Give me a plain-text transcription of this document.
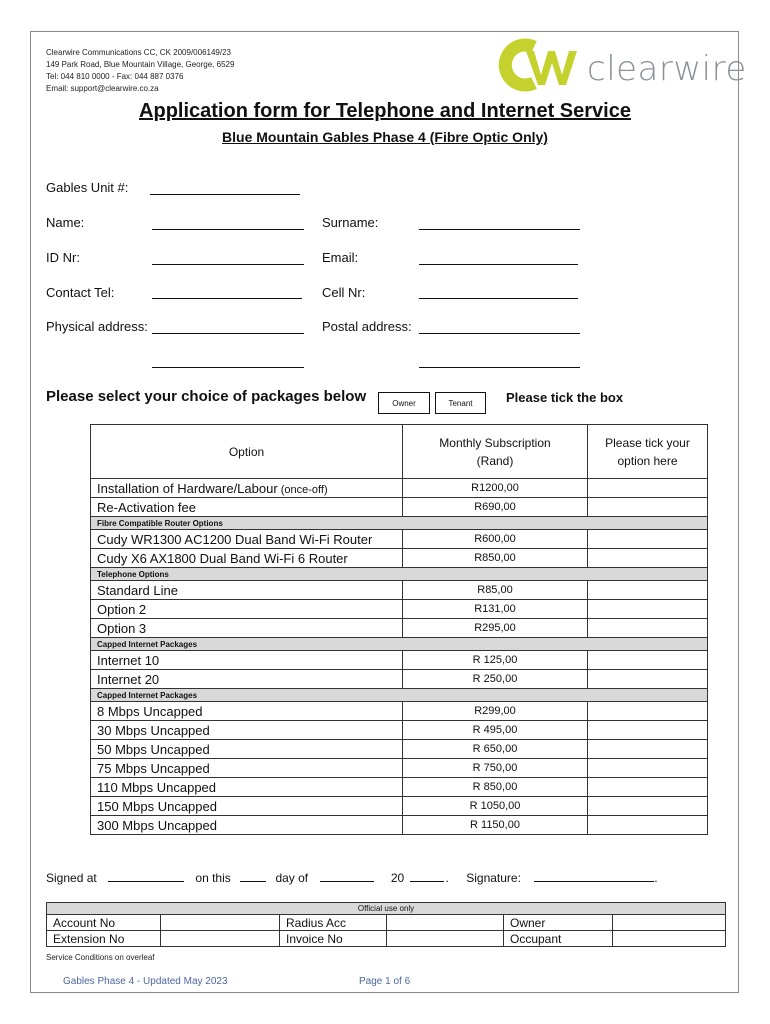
Clearwire Communications CC, CK 2009/006149/23
149 Park Road, Blue Mountain Village, George, 6529
Tel: 044 810 0000 - Fax: 044 887 0376
Email: support@clearwire.co.za	clearwire
Application form for Telephone and Internet Service
Blue Mountain Gables Phase 4 (Fibre Optic Only)
Gables Unit #:
Name:	Surname:
ID Nr:	Email:
Contact Tel:	Cell Nr:
Physical address:	Postal address:
Please select your choice of packages below	Owner	Tenant	Please tick the box
Option	Monthly Subscription (Rand)	Please tick your option here
Installation of Hardware/Labour (once-off)	R1200,00	
Re-Activation fee	R690,00	
Fibre Compatible Router Options		
Cudy WR1300 AC1200 Dual Band Wi-Fi Router	R600,00	
Cudy X6 AX1800 Dual Band Wi-Fi 6 Router	R850,00	
Telephone Options		
Standard Line	R85,00	
Option 2	R131,00	
Option 3	R295,00	
Capped Internet Packages		
Internet 10	R 125,00	
Internet 20	R 250,00	
Capped Internet Packages		
8 Mbps Uncapped	R299,00	
30 Mbps Uncapped	R 495,00	
50 Mbps Uncapped	R 650,00	
75 Mbps Uncapped	R 750,00	
110 Mbps Uncapped	R 850,00	
150 Mbps Uncapped	R 1050,00	
300 Mbps Uncapped	R 1150,00	
Signed at	on this	day of	20	. Signature:	.
Official use only					
Account No		Radius Acc		Owner	
Extension No		Invoice No		Occupant	
Service Conditions on overleaf
Gables Phase 4 - Updated May 2023	Page 1 of 6
